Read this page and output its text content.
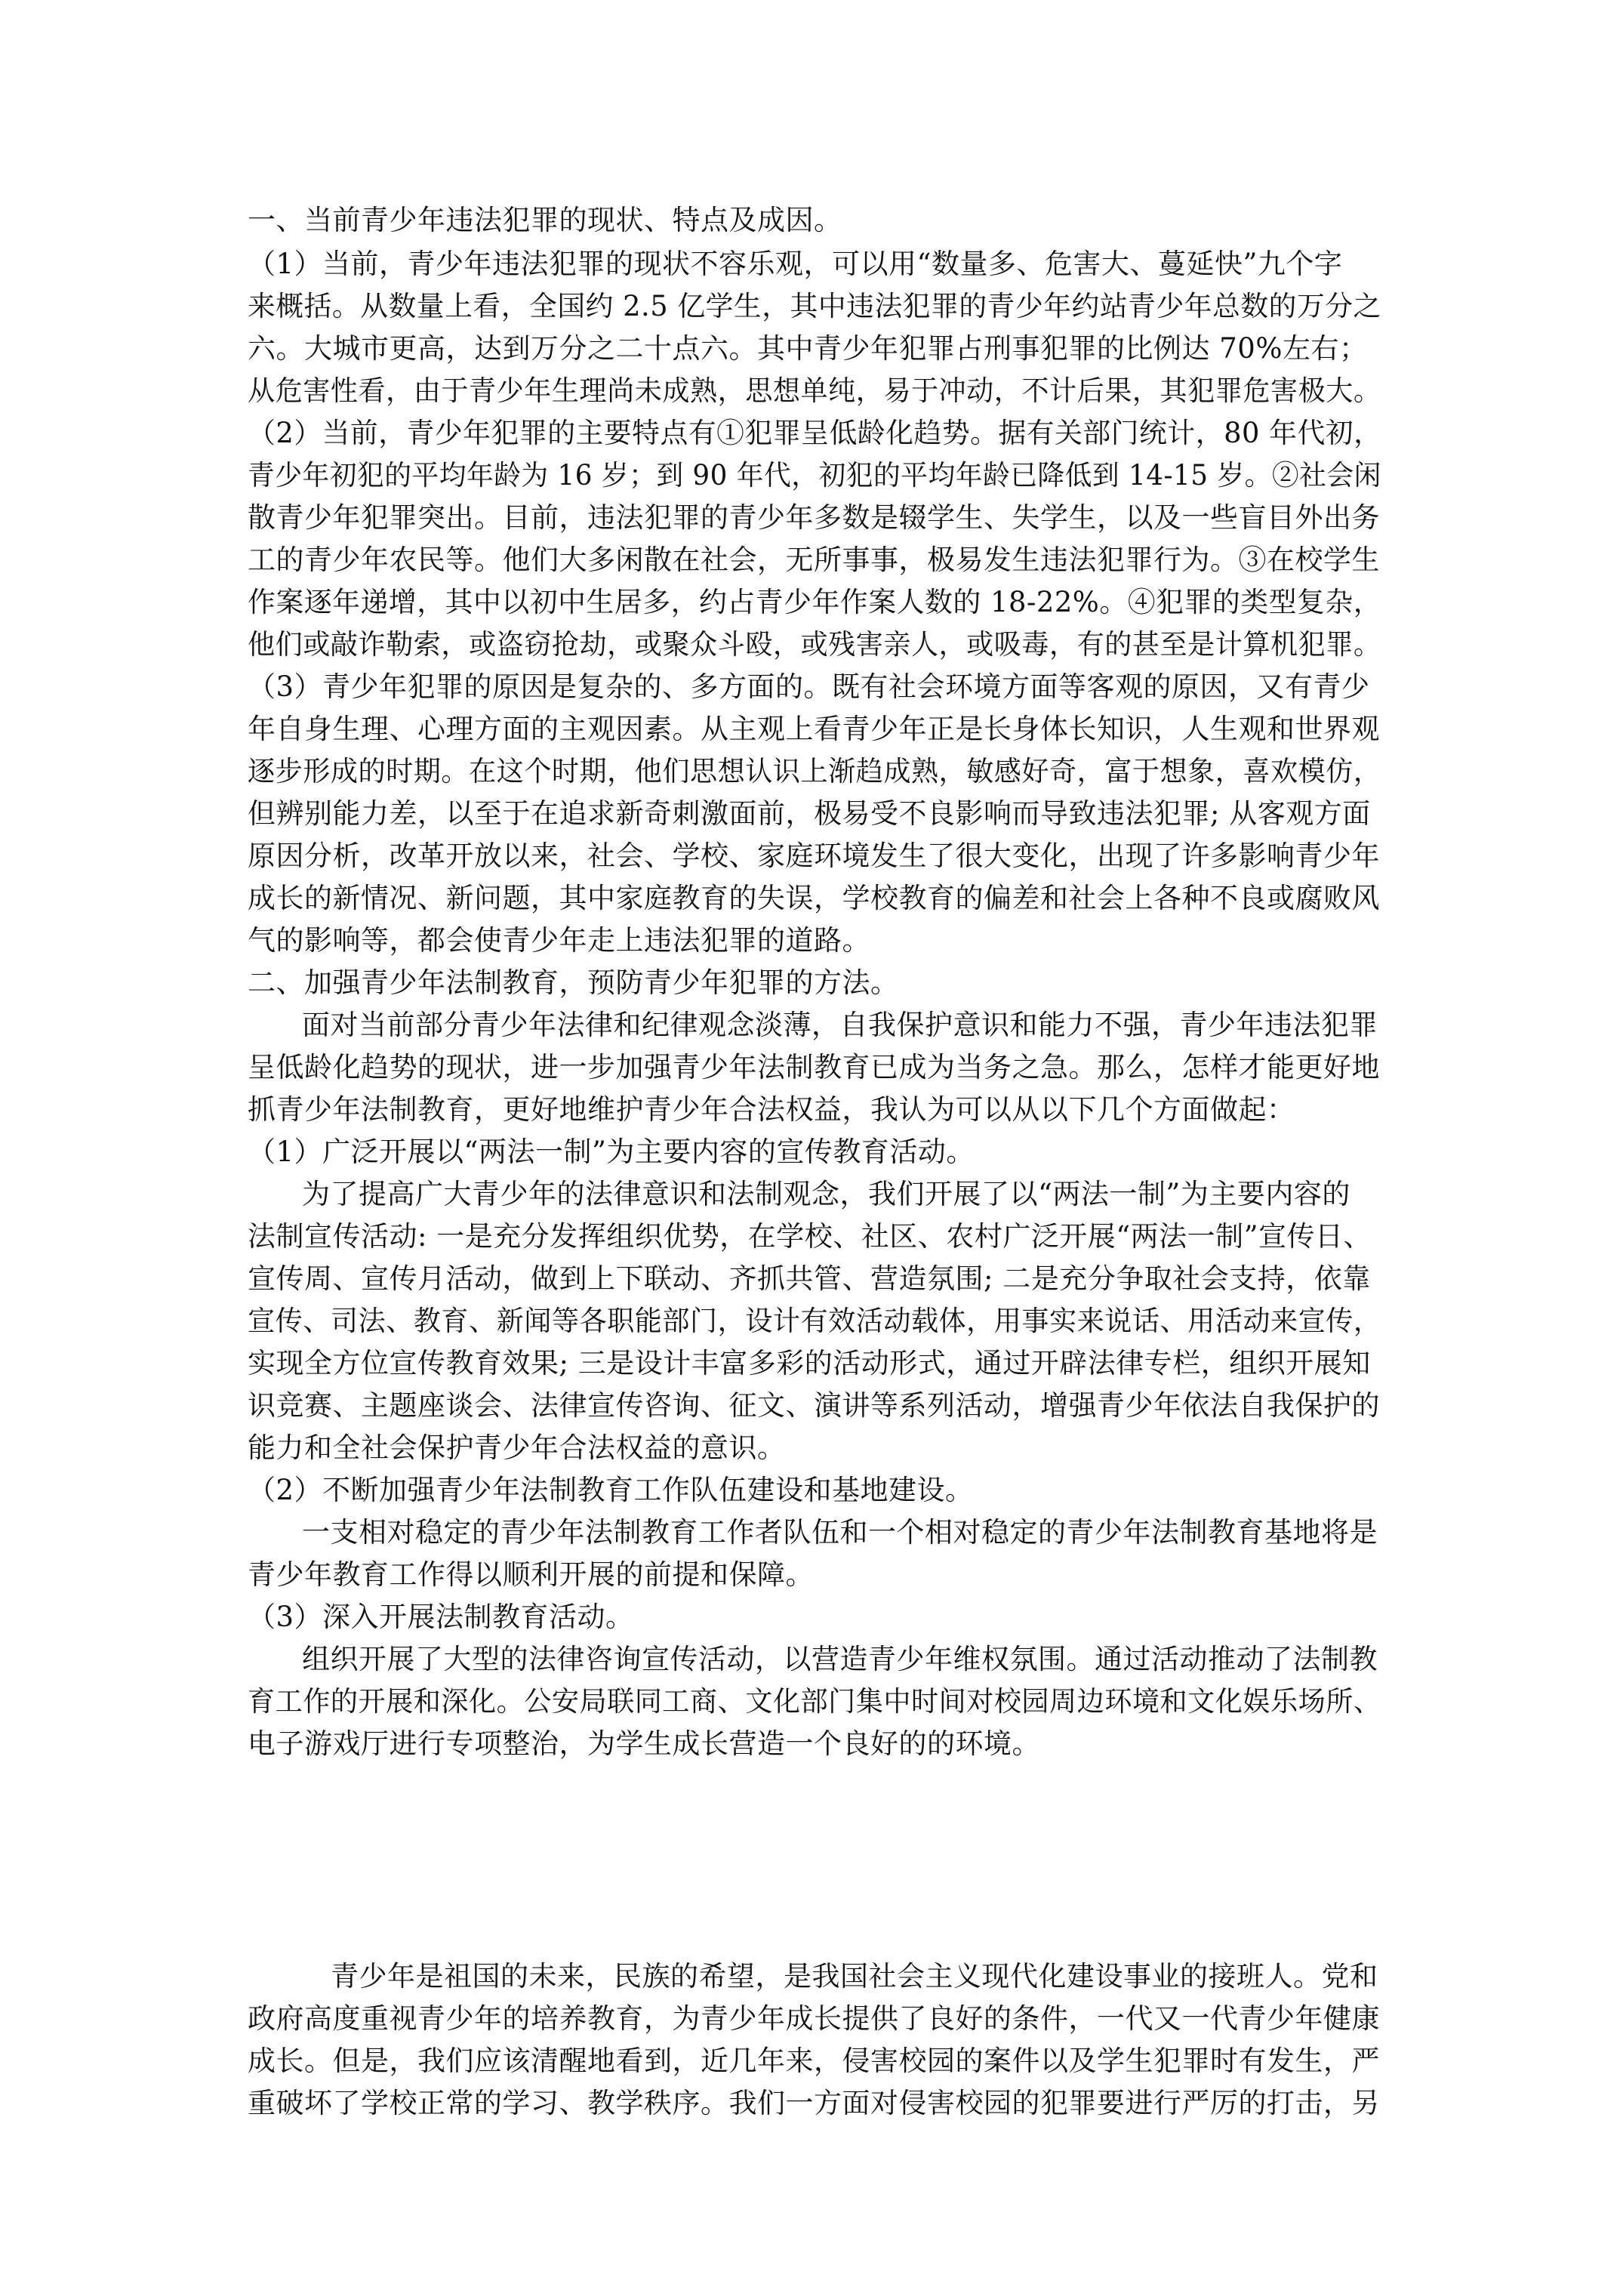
一、当前青少年违法犯罪的现状、特点及成因。
（1）当前，青少年违法犯罪的现状不容乐观，可以用“数量多、危害大、蔓延快”九个字
来概括。从数量上看，全国约 2.5 亿学生，其中违法犯罪的青少年约站青少年总数的万分之
六。大城市更高，达到万分之二十点六。其中青少年犯罪占刑事犯罪的比例达 70%左右；
从危害性看，由于青少年生理尚未成熟，思想单纯，易于冲动，不计后果，其犯罪危害极大。
（2）当前，青少年犯罪的主要特点有①犯罪呈低龄化趋势。据有关部门统计，80 年代初，
青少年初犯的平均年龄为 16 岁；到 90 年代，初犯的平均年龄已降低到 14-15 岁。②社会闲
散青少年犯罪突出。目前，违法犯罪的青少年多数是辍学生、失学生，以及一些盲目外出务
工的青少年农民等。他们大多闲散在社会，无所事事，极易发生违法犯罪行为。③在校学生
作案逐年递增，其中以初中生居多，约占青少年作案人数的 18-22%。④犯罪的类型复杂，
他们或敲诈勒索，或盗窃抢劫，或聚众斗殴，或残害亲人，或吸毒，有的甚至是计算机犯罪。
（3）青少年犯罪的原因是复杂的、多方面的。既有社会环境方面等客观的原因，又有青少
年自身生理、心理方面的主观因素。从主观上看青少年正是长身体长知识，人生观和世界观
逐步形成的时期。在这个时期，他们思想认识上渐趋成熟，敏感好奇，富于想象，喜欢模仿，
但辨别能力差，以至于在追求新奇刺激面前，极易受不良影响而导致违法犯罪; 从客观方面
原因分析，改革开放以来，社会、学校、家庭环境发生了很大变化，出现了许多影响青少年
成长的新情况、新问题，其中家庭教育的失误，学校教育的偏差和社会上各种不良或腐败风
气的影响等，都会使青少年走上违法犯罪的道路。
二、加强青少年法制教育，预防青少年犯罪的方法。
面对当前部分青少年法律和纪律观念淡薄，自我保护意识和能力不强，青少年违法犯罪
呈低龄化趋势的现状，进一步加强青少年法制教育已成为当务之急。那么，怎样才能更好地
抓青少年法制教育，更好地维护青少年合法权益，我认为可以从以下几个方面做起：
（1）广泛开展以“两法一制”为主要内容的宣传教育活动。
为了提高广大青少年的法律意识和法制观念，我们开展了以“两法一制”为主要内容的
法制宣传活动: 一是充分发挥组织优势，在学校、社区、农村广泛开展“两法一制”宣传日、
宣传周、宣传月活动，做到上下联动、齐抓共管、营造氛围; 二是充分争取社会支持，依靠
宣传、司法、教育、新闻等各职能部门，设计有效活动载体，用事实来说话、用活动来宣传，
实现全方位宣传教育效果; 三是设计丰富多彩的活动形式，通过开辟法律专栏，组织开展知
识竞赛、主题座谈会、法律宣传咨询、征文、演讲等系列活动，增强青少年依法自我保护的
能力和全社会保护青少年合法权益的意识。
（2）不断加强青少年法制教育工作队伍建设和基地建设。
一支相对稳定的青少年法制教育工作者队伍和一个相对稳定的青少年法制教育基地将是
青少年教育工作得以顺利开展的前提和保障。
（3）深入开展法制教育活动。
组织开展了大型的法律咨询宣传活动，以营造青少年维权氛围。通过活动推动了法制教
育工作的开展和深化。公安局联同工商、文化部门集中时间对校园周边环境和文化娱乐场所、
电子游戏厅进行专项整治，为学生成长营造一个良好的的环境。
青少年是祖国的未来，民族的希望，是我国社会主义现代化建设事业的接班人。党和
政府高度重视青少年的培养教育，为青少年成长提供了良好的条件，一代又一代青少年健康
成长。但是，我们应该清醒地看到，近几年来，侵害校园的案件以及学生犯罪时有发生，严
重破坏了学校正常的学习、教学秩序。我们一方面对侵害校园的犯罪要进行严厉的打击，另
